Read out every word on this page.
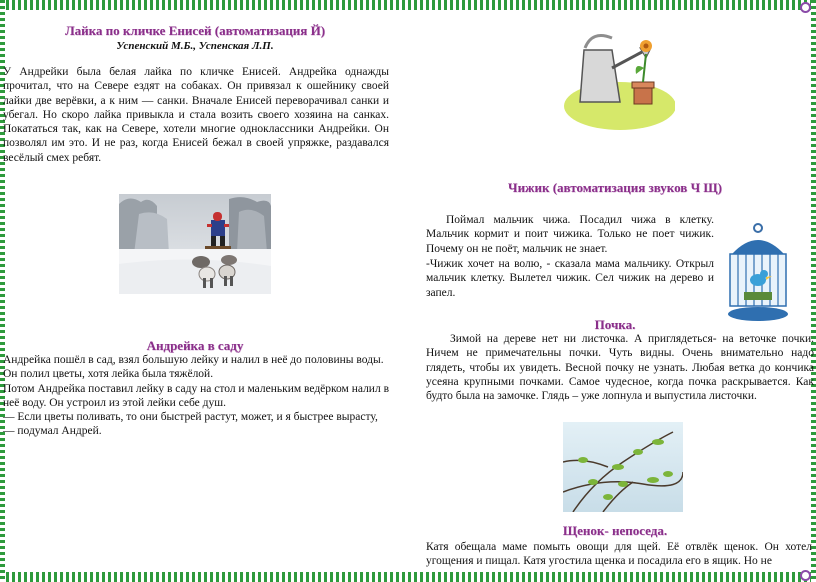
Лайка по кличке Енисей (автоматизация Й)
Успенский М.Б., Успенская Л.П.

У Андрейки была белая лайка по кличке Енисей. Андрейка однажды прочитал, что на Севере ездят на собаках. Он привязал к ошейнику своей лайки две верёвки, а к ним — санки. Вначале Енисей переворачивал санки и убегал. Но скоро лайка привыкла и стала возить своего хозяина на санках. Покататься так, как на Севере, хотели многие одноклассники Андрейки. Он позволял им это. И не раз, когда Енисей бежал в своей упряжке, раздавался весёлый смех ребят.

Андрейка в саду
Андрейка пошёл в сад, взял большую лейку и налил в неё до половины воды.
Он полил цветы, хотя лейка была тяжёлой.
Потом Андрейка поставил лейку в саду на стол и маленьким ведёрком налил в неё воду. Он устроил из этой лейки себе душ.
— Если цветы поливать, то они быстрей растут, может, и я быстрее вырасту,— подумал Андрей.
Чижик (автоматизация звуков Ч Щ)

Поймал мальчик чижа. Посадил чижа в клетку. Мальчик кормит и поит чижика. Только не поет чижик. Почему он не поёт, мальчик не знает.

-Чижик хочет на волю, - сказала мама мальчику. Открыл мальчик клетку. Вылетел чижик. Сел чижик на дерево и запел.

Почка.

Зимой на дереве нет ни листочка. А приглядеться- на веточке почки. Ничем не примечательны почки. Чуть видны. Очень внимательно надо глядеть, чтобы их увидеть. Весной почку не узнать. Любая ветка до кончика усеяна крупными почками. Самое чудесное, когда почка раскрывается. Как будто была на замочке. Глядь – уже лопнула и выпустила листочки.

Щенок- непоседа.

Катя обещала маме помыть овощи для щей. Её отвлёк щенок. Он хотел угощения и пищал. Катя угостила щенка и посадила его в ящик. Но не
